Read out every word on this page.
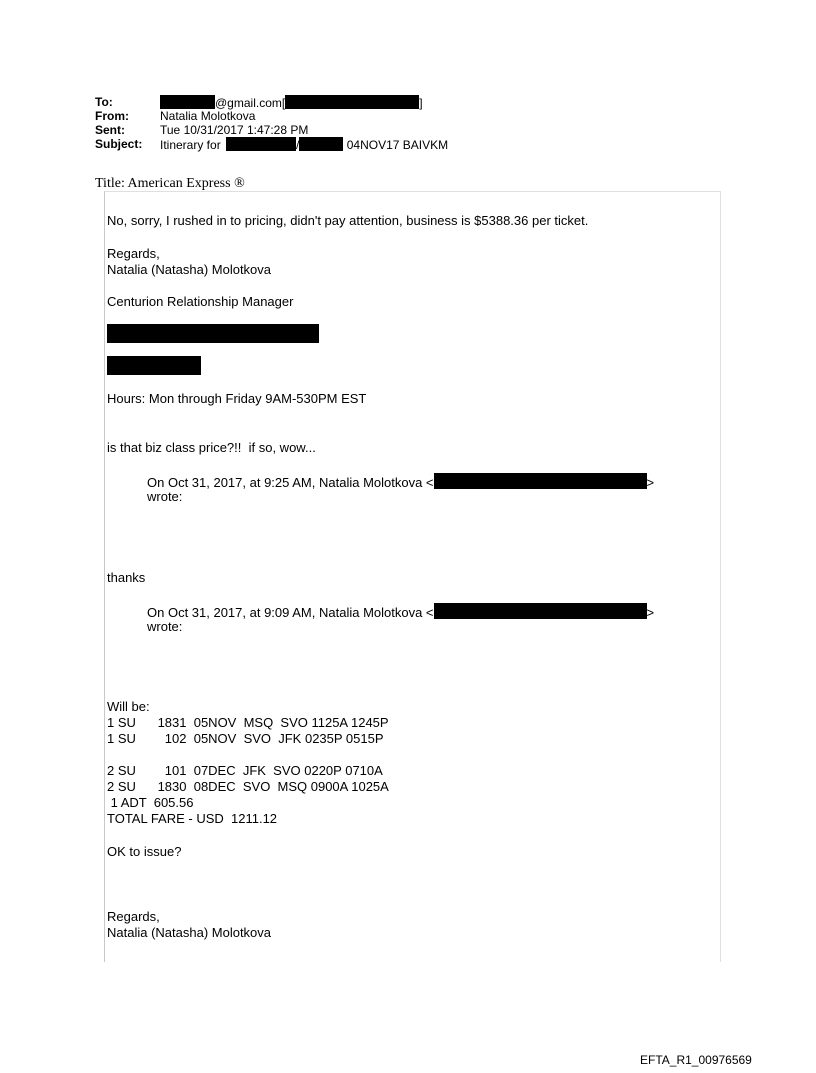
To:	@gmail.com[	]
From:	Natalia Molotkova
Sent:	Tue 10/31/2017 1:47:28 PM
Subject:	Itinerary for	/	04NOV17 BAIVKM
Title: American Express ®
No, sorry, I rushed in to pricing, didn't pay attention, business is $5388.36 per ticket.
Regards,
Natalia (Natasha) Molotkova
Centurion Relationship Manager
Hours: Mon through Friday 9AM-530PM EST
is that biz class price?!!  if so, wow...
On Oct 31, 2017, at 9:25 AM, Natalia Molotkova <	>
wrote:
thanks
On Oct 31, 2017, at 9:09 AM, Natalia Molotkova <	>
wrote:
Will be:
1 SU      1831  05NOV  MSQ  SVO 1125A 1245P
1 SU        102  05NOV  SVO  JFK 0235P 0515P
2 SU        101  07DEC  JFK  SVO 0220P 0710A
2 SU      1830  08DEC  SVO  MSQ 0900A 1025A
1 ADT  605.56
TOTAL FARE - USD  1211.12
OK to issue?
Regards,
Natalia (Natasha) Molotkova
EFTA_R1_00976569
